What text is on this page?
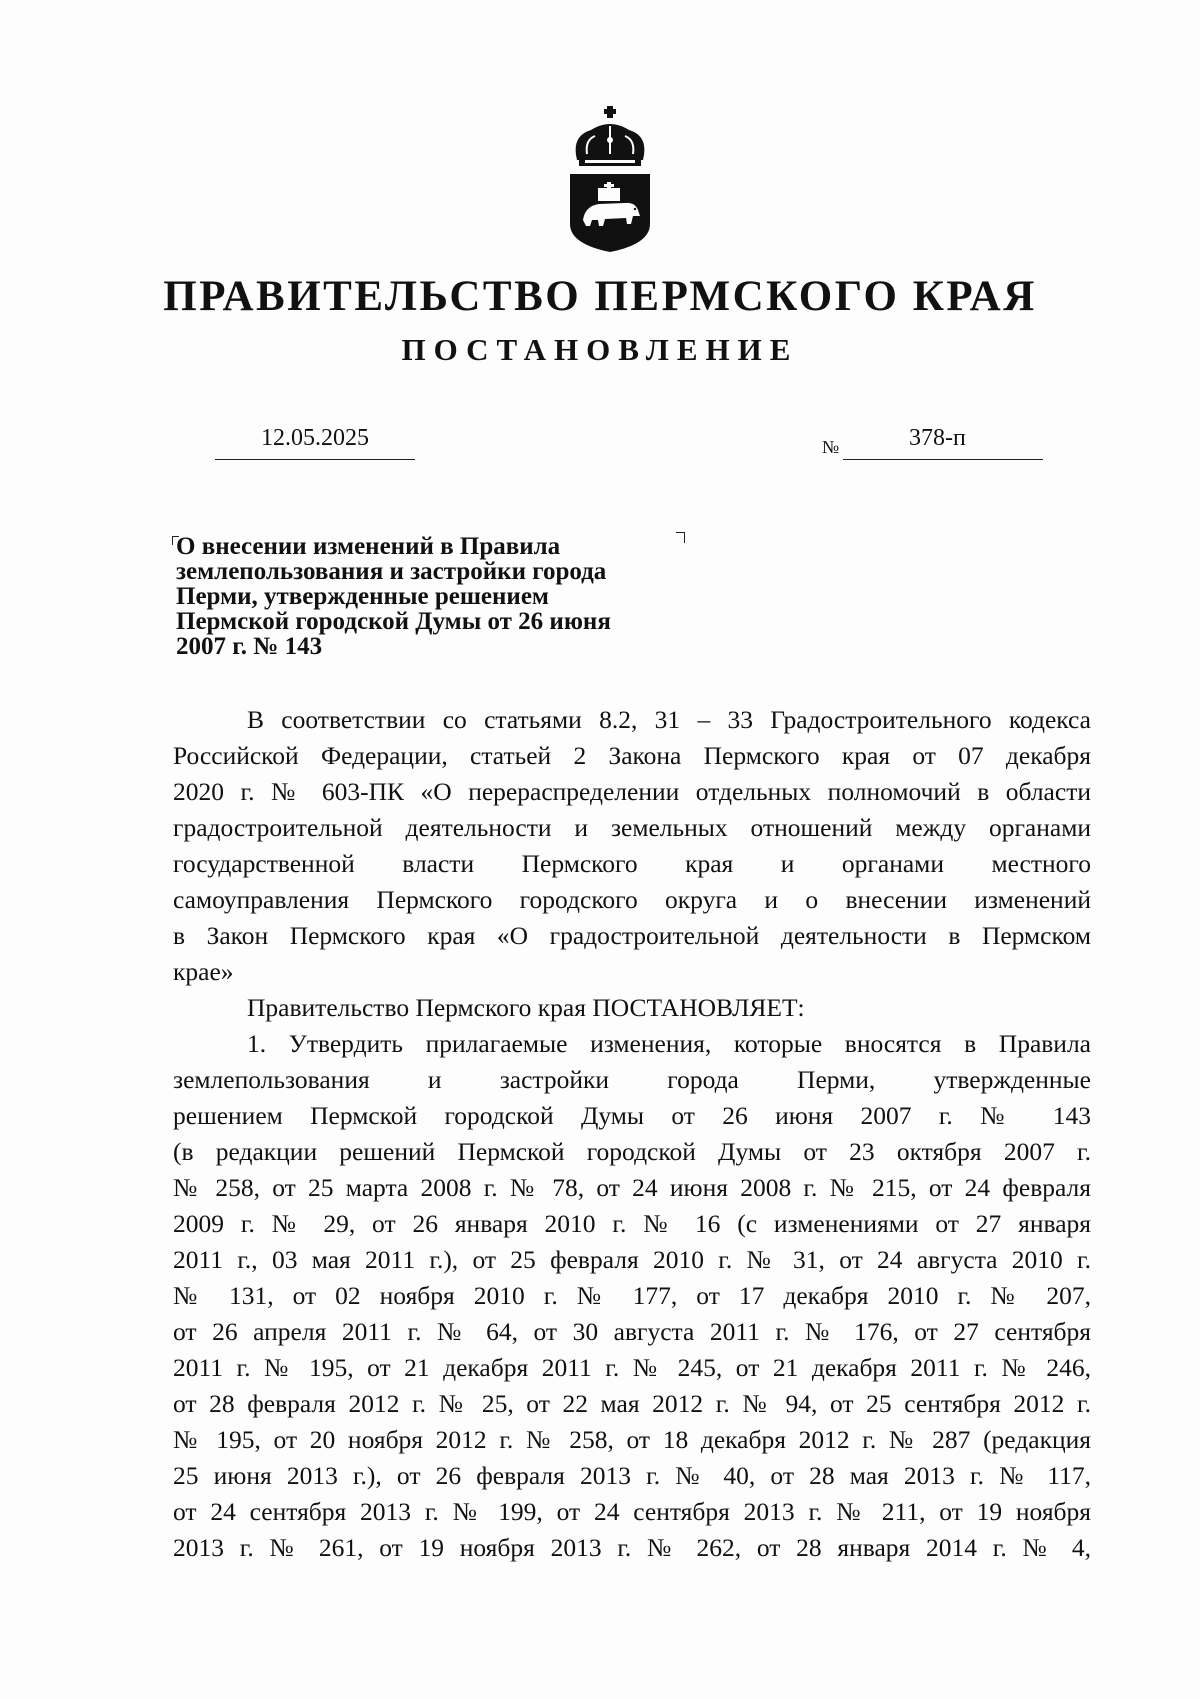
ПРАВИТЕЛЬСТВО ПЕРМСКОГО КРАЯ
ПОСТАНОВЛЕНИЕ
12.05.2025	№	378-п
О внесении изменений в Правила
землепользования и застройки города
Перми, утвержденные решением
Пермской городской Думы от 26 июня
2007 г. № 143
В соответствии со статьями 8.2, 31 – 33 Градостроительного кодекса
Российской Федерации, статьей 2 Закона Пермского края от 07 декабря
2020 г. № 603-ПК «О перераспределении отдельных полномочий в области
градостроительной деятельности и земельных отношений между органами
государственной власти Пермского края и органами местного
самоуправления Пермского городского округа и о внесении изменений
в Закон Пермского края «О градостроительной деятельности в Пермском
крае»
Правительство Пермского края ПОСТАНОВЛЯЕТ:
1. Утвердить прилагаемые изменения, которые вносятся в Правила
землепользования и застройки города Перми, утвержденные
решением Пермской городской Думы от 26 июня 2007 г. № 143
(в редакции решений Пермской городской Думы от 23 октября 2007 г.
№ 258, от 25 марта 2008 г. № 78, от 24 июня 2008 г. № 215, от 24 февраля
2009 г. № 29, от 26 января 2010 г. № 16 (с изменениями от 27 января
2011 г., 03 мая 2011 г.), от 25 февраля 2010 г. № 31, от 24 августа 2010 г.
№ 131, от 02 ноября 2010 г. № 177, от 17 декабря 2010 г. № 207,
от 26 апреля 2011 г. № 64, от 30 августа 2011 г. № 176, от 27 сентября
2011 г. № 195, от 21 декабря 2011 г. № 245, от 21 декабря 2011 г. № 246,
от 28 февраля 2012 г. № 25, от 22 мая 2012 г. № 94, от 25 сентября 2012 г.
№ 195, от 20 ноября 2012 г. № 258, от 18 декабря 2012 г. № 287 (редакция
25 июня 2013 г.), от 26 февраля 2013 г. № 40, от 28 мая 2013 г. № 117,
от 24 сентября 2013 г. № 199, от 24 сентября 2013 г. № 211, от 19 ноября
2013 г. № 261, от 19 ноября 2013 г. № 262, от 28 января 2014 г. № 4,
